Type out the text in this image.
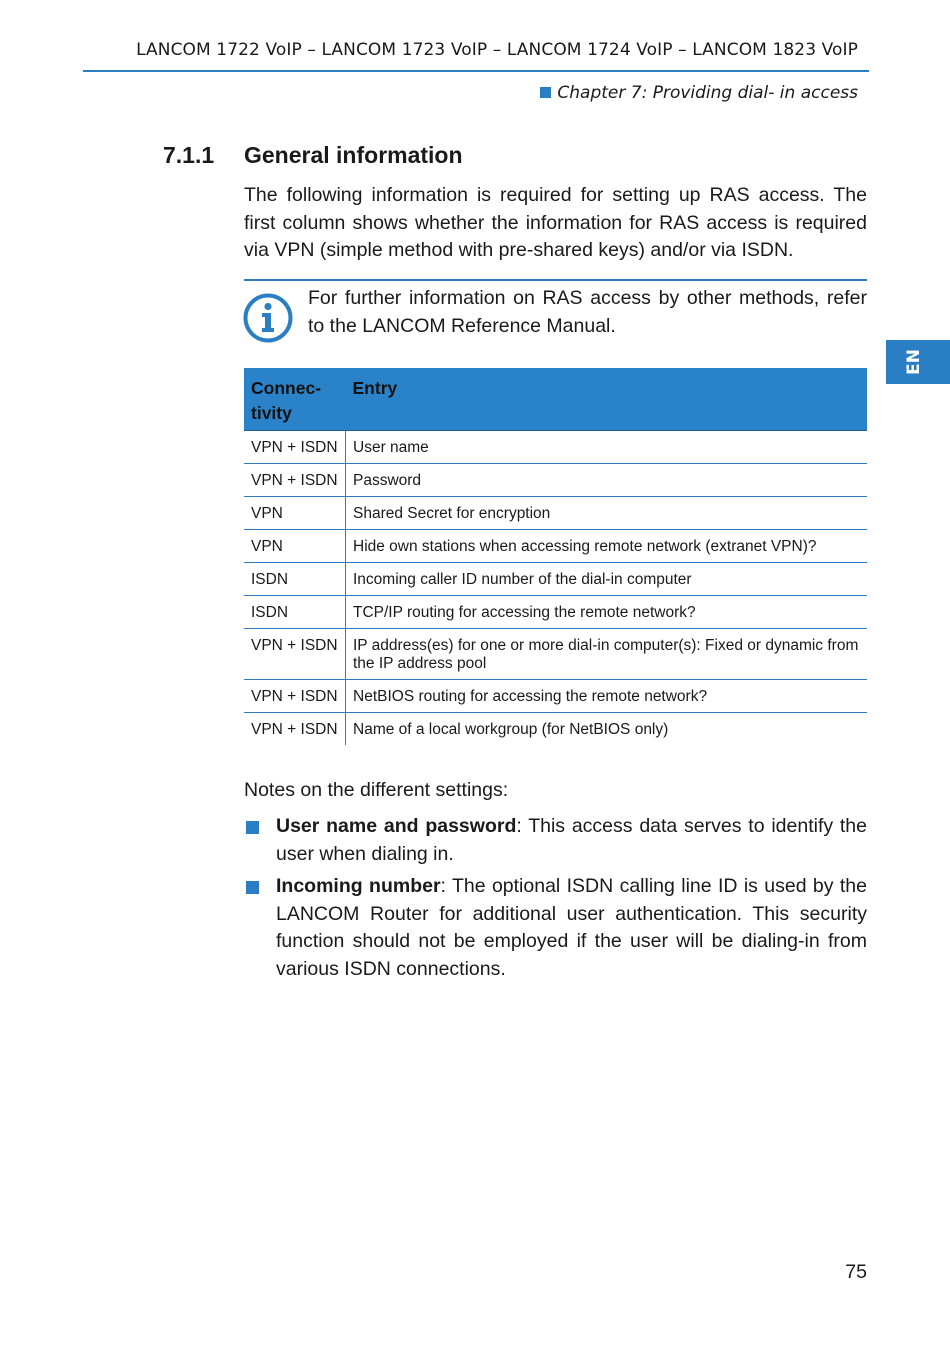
LANCOM 1722 VoIP – LANCOM 1723 VoIP – LANCOM 1724 VoIP – LANCOM 1823 VoIP
Chapter 7: Providing dial- in access
EN
7.1.1 General information
The following information is required for setting up RAS access. The first column shows whether the information for RAS access is required via VPN (simple method with pre‑shared keys) and/or via ISDN.
For further information on RAS access by other methods, refer to the LANCOM Reference Manual.
Connec-
tivity	Entry
VPN + ISDN	User name
VPN + ISDN	Password
VPN	Shared Secret for encryption
VPN	Hide own stations when accessing remote network (extranet VPN)?
ISDN	Incoming caller ID number of the dial-in computer
ISDN	TCP/IP routing for accessing the remote network?
VPN + ISDN	IP address(es) for one or more dial-in computer(s): Fixed or dynamic from the IP address pool
VPN + ISDN	NetBIOS routing for accessing the remote network?
VPN + ISDN	Name of a local workgroup (for NetBIOS only)
Notes on the different settings:
User name and password: This access data serves to identify the user when dialing in.
Incoming number: The optional ISDN calling line ID is used by the LANCOM Router for additional user authentication. This security function should not be employed if the user will be dialing‑in from various ISDN connections.
75
